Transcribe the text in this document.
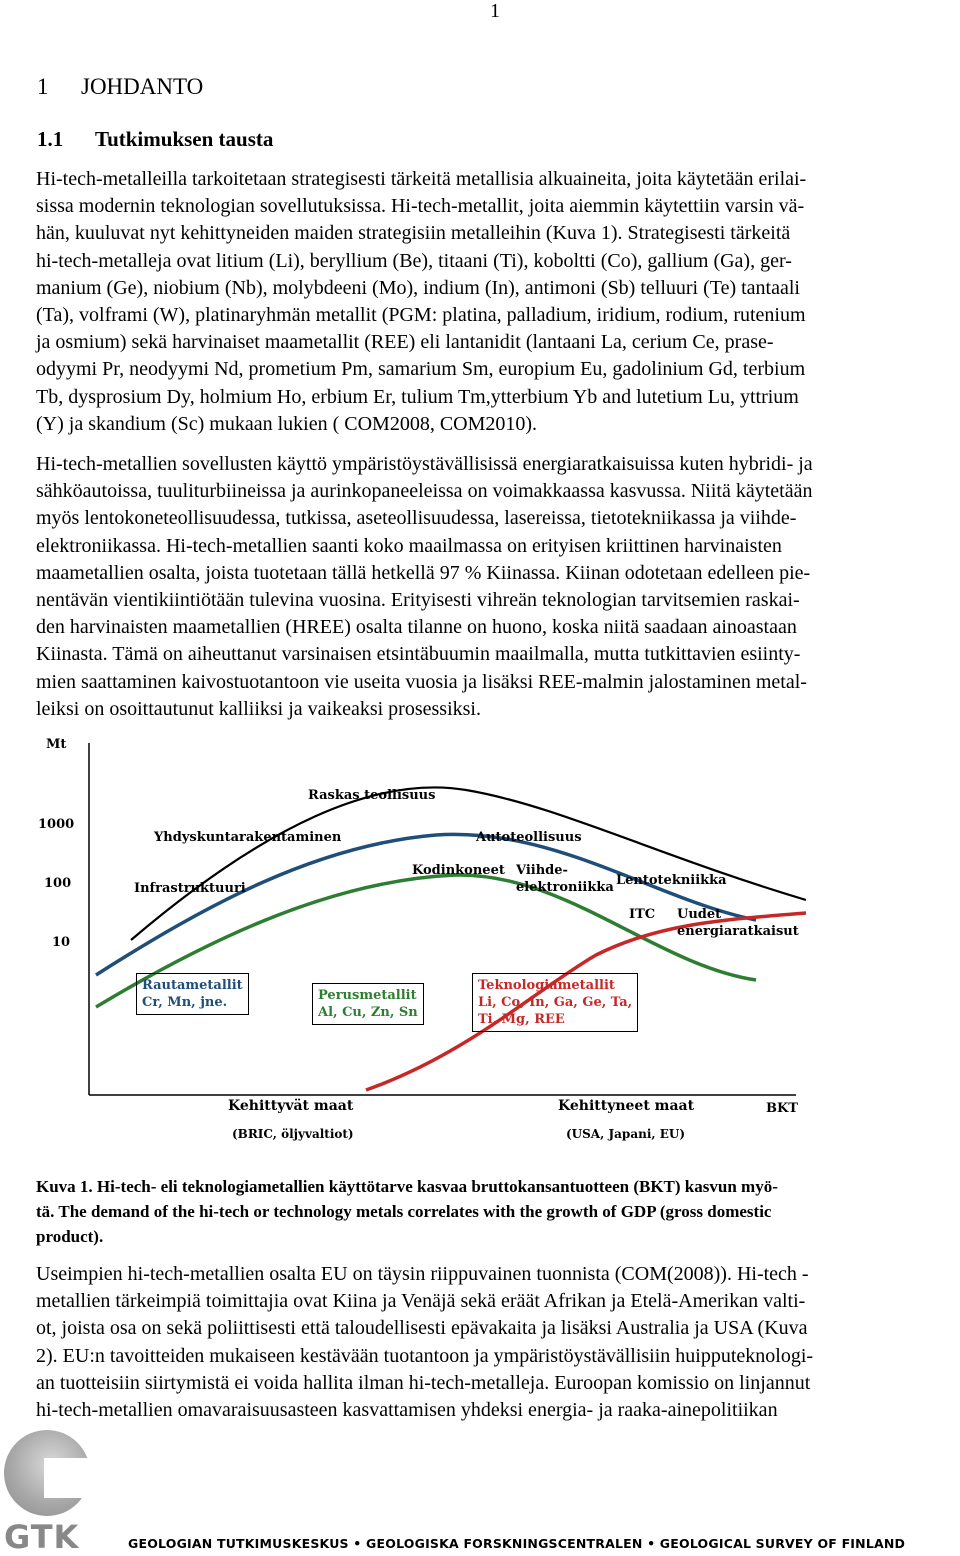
1
1 JOHDANTO
1.1 Tutkimuksen tausta

Hi-tech-metalleilla tarkoitetaan strategisesti tärkeitä metallisia alkuaineita, joita käytetään erilai-
sissa modernin teknologian sovellutuksissa. Hi-tech-metallit, joita aiemmin käytettiin varsin vä-
hän, kuuluvat nyt kehittyneiden maiden strategisiin metalleihin (Kuva 1). Strategisesti tärkeitä
hi-tech-metalleja ovat litium (Li), beryllium (Be), titaani (Ti), koboltti (Co), gallium (Ga), ger-
manium (Ge), niobium (Nb), molybdeeni (Mo), indium (In), antimoni (Sb) telluuri (Te) tantaali
(Ta), volframi (W), platinaryhmän metallit (PGM: platina, palladium, iridium, rodium, rutenium
ja osmium) sekä harvinaiset maametallit (REE) eli lantanidit (lantaani La, cerium Ce, prase-
odyymi Pr, neodyymi Nd, prometium Pm, samarium Sm, europium Eu, gadolinium Gd, terbium
Tb, dysprosium Dy, holmium Ho, erbium Er, tulium Tm,ytterbium Yb and lutetium Lu, yttrium
(Y) ja skandium (Sc) mukaan lukien ( COM2008, COM2010).

Hi-tech-metallien sovellusten käyttö ympäristöystävällisissä energiaratkaisuissa kuten hybridi- ja
sähköautoissa, tuuliturbiineissa ja aurinkopaneeleissa on voimakkaassa kasvussa. Niitä käytetään
myös lentokoneteollisuudessa, tutkissa, aseteollisuudessa, lasereissa, tietotekniikassa ja viihde-
elektroniikassa. Hi-tech-metallien saanti koko maailmassa on erityisen kriittinen harvinaisten
maametallien osalta, joista tuotetaan tällä hetkellä 97 % Kiinassa. Kiinan odotetaan edelleen pie-
nentävän vientikiintiötään tulevina vuosina. Erityisesti vihreän teknologian tarvitsemien raskai-
den harvinaisten maametallien (HREE) osalta tilanne on huono, koska niitä saadaan ainoastaan
Kiinasta. Tämä on aiheuttanut varsinaisen etsintäbuumin maailmalla, mutta tutkittavien esiinty-
mien saattaminen kaivostuotantoon vie useita vuosia ja lisäksi REE-malmin jalostaminen metal-
leiksi on osoittautunut kalliiksi ja vaikeaksi prosessiksi.

Mt
1000
100
10
Raskas teollisuus
Yhdyskuntarakentaminen
Infrastruktuuri
Autoteollisuus
Kodinkoneet Viihde-
elektroniikka Lentotekniikka
ITC Uudet
energiaratkaisut
Rautametallit
Cr, Mn, jne.	Perusmetallit
Al, Cu, Zn, Sn
Teknologiametallit
Li, Co, In, Ga, Ge, Ta,
Ti, Mg, REE
Kehittyvät maat
(BRIC, öljyvaltiot)
Kehittyneet maat
(USA, Japani, EU)
BKT
Kuva 1. Hi-tech- eli teknologiametallien käyttötarve kasvaa bruttokansantuotteen (BKT) kasvun myö-
tä. The demand of the hi-tech or technology metals correlates with the growth of GDP (gross domestic
product).

Useimpien hi-tech-metallien osalta EU on täysin riippuvainen tuonnista (COM(2008)). Hi-tech -
metallien tärkeimpiä toimittajia ovat Kiina ja Venäjä sekä eräät Afrikan ja Etelä-Amerikan valti-
ot, joista osa on sekä poliittisesti että taloudellisesti epävakaita ja lisäksi Australia ja USA (Kuva
2). EU:n tavoitteiden mukaiseen kestävään tuotantoon ja ympäristöystävällisiin huipputeknologi-
an tuotteisiin siirtymistä ei voida hallita ilman hi-tech-metalleja. Euroopan komissio on linjannut
hi-tech-metallien omavaraisuusasteen kasvattamisen yhdeksi energia- ja raaka-ainepolitiikan

GTK	GEOLOGIAN TUTKIMUSKESKUS • GEOLOGISKA FORSKNINGSCENTRALEN • GEOLOGICAL SURVEY OF FINLAND
